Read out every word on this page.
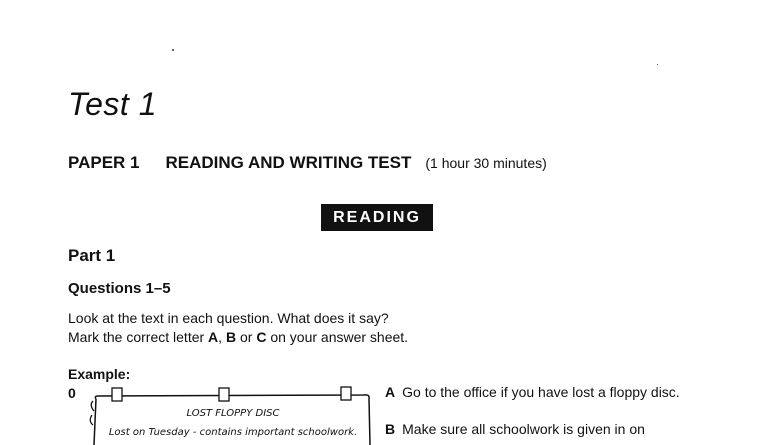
Test 1
PAPER 1 READING AND WRITING TEST (1 hour 30 minutes)
READING
Part 1
Questions 1–5
Look at the text in each question. What does it say?
Mark the correct letter A, B or C on your answer sheet.
Example:
0
LOST FLOPPY DISC
Lost on Tuesday - contains important schoolwork.
A Go to the office if you have lost a floppy disc.
B Make sure all schoolwork is given in on
